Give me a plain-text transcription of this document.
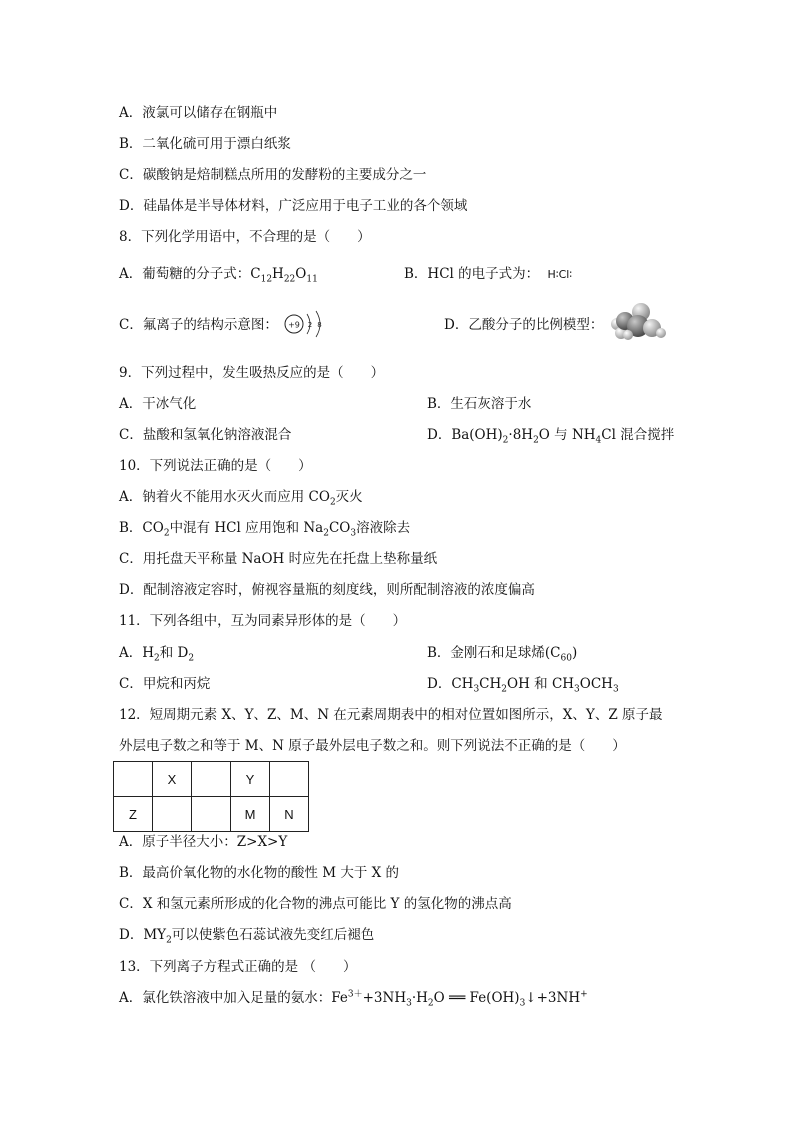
A．液氯可以储存在钢瓶中
B．二氧化硫可用于漂白纸浆
C．碳酸钠是焙制糕点所用的发酵粉的主要成分之一
D．硅晶体是半导体材料，广泛应用于电子工业的各个领域
8．下列化学用语中，不合理的是（　　）
A．葡萄糖的分子式：$C_{12}H_{22}O_{11}$	B．HCl 的电子式为： H∶Cl∶
C．氟离子的结构示意图： +9 2 8	D．乙酸分子的比例模型：
9．下列过程中，发生吸热反应的是（　　）
A．干冰气化	B．生石灰溶于水
C．盐酸和氢氧化钠溶液混合	D．$Ba(OH)_2\cdot 8H_2O$ 与 $NH_4Cl$ 混合搅拌
10．下列说法正确的是（　　）
A．钠着火不能用水灭火而应用 $CO_2$灭火
B．$CO_2$中混有 HCl 应用饱和 $Na_2CO_3$溶液除去
C．用托盘天平称量 NaOH 时应先在托盘上垫称量纸
D．配制溶液定容时，俯视容量瓶的刻度线，则所配制溶液的浓度偏高
11．下列各组中，互为同素异形体的是（　　）
A．$H_2$和 $D_2$	B．金刚石和足球烯$(C_{60})$
C．甲烷和丙烷	D．$CH_3CH_2OH$ 和 $CH_3OCH_3$
12．短周期元素 X、Y、Z、M、N 在元素周期表中的相对位置如图所示，X、Y、Z 原子最
外层电子数之和等于 M、N 原子最外层电子数之和。则下列说法不正确的是（　　）
	X		Y	
Z			M	N
A．原子半径大小：Z>X>Y
B．最高价氧化物的水化物的酸性 M 大于 X 的
C．X 和氢元素所形成的化合物的沸点可能比 Y 的氢化物的沸点高
D．$MY_2$可以使紫色石蕊试液先变红后褪色
13．下列离子方程式正确的是 （　　）
A．氯化铁溶液中加入足量的氨水：$Fe^{3+}+3NH_3\cdot H_2O$ ══ $Fe(OH)_3↓+3NH^+$
